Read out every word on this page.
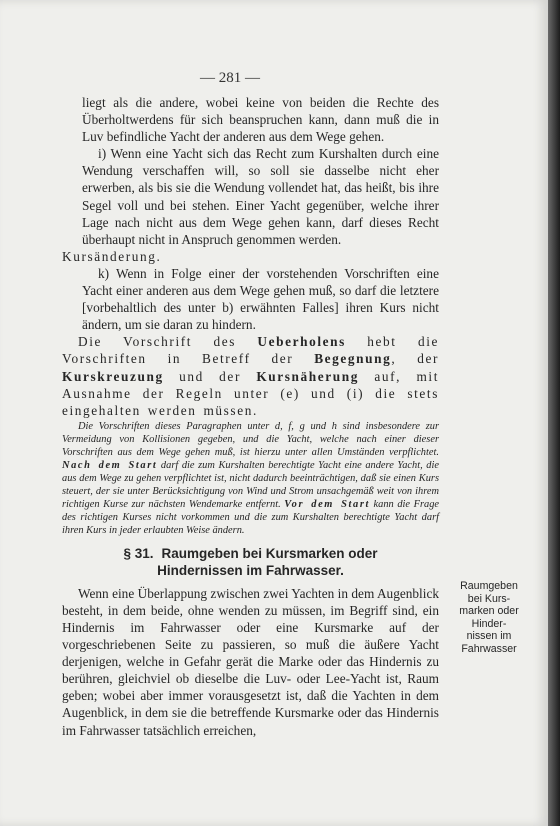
— 281 —

liegt als die andere, wobei keine von beiden die Rechte des Überholtwerdens für sich beanspruchen kann, dann muß die in Luv befindliche Yacht der anderen aus dem Wege gehen.

i) Wenn eine Yacht sich das Recht zum Kurshalten durch eine Wendung verschaffen will, so soll sie dasselbe nicht eher erwerben, als bis sie die Wendung vollendet hat, das heißt, bis ihre Segel voll und bei stehen. Einer Yacht gegenüber, welche ihrer Lage nach nicht aus dem Wege gehen kann, darf dieses Recht überhaupt nicht in Anspruch genommen werden.

Kursänderung.

k) Wenn in Folge einer der vorstehenden Vorschriften eine Yacht einer anderen aus dem Wege gehen muß, so darf die letztere [vorbehaltlich des unter b) erwähnten Falles] ihren Kurs nicht ändern, um sie daran zu hindern.

Die Vorschrift des Ueberholens hebt die Vorschriften in Betreff der Begegnung, der Kurskreuzung und der Kursnäherung auf, mit Ausnahme der Regeln unter (e) und (i) die stets eingehalten werden müssen.

Die Vorschriften dieses Paragraphen unter d, f, g und h sind insbesondere zur Vermeidung von Kollisionen gegeben, und die Yacht, welche nach einer dieser Vorschriften aus dem Wege gehen muß, ist hierzu unter allen Umständen verpflichtet. Nach dem Start darf die zum Kurshalten berechtigte Yacht eine andere Yacht, die aus dem Wege zu gehen verpflichtet ist, nicht dadurch beeinträchtigen, daß sie einen Kurs steuert, der sie unter Berücksichtigung von Wind und Strom unsachgemäß weit von ihrem richtigen Kurse zur nächsten Wendemarke entfernt. Vor dem Start kann die Frage des richtigen Kurses nicht vorkommen und die zum Kurshalten berechtigte Yacht darf ihren Kurs in jeder erlaubten Weise ändern.

§ 31. Raumgeben bei Kursmarken oder
Hindernissen im Fahrwasser.

Wenn eine Überlappung zwischen zwei Yachten in dem Augenblick besteht, in dem beide, ohne wenden zu müssen, im Begriff sind, ein Hindernis im Fahrwasser oder eine Kursmarke auf der vorgeschriebenen Seite zu passieren, so muß die äußere Yacht derjenigen, welche in Gefahr gerät die Marke oder das Hindernis zu berühren, gleichviel ob dieselbe die Luv- oder Lee-Yacht ist, Raum geben; wobei aber immer vorausgesetzt ist, daß die Yachten in dem Augenblick, in dem sie die betreffende Kursmarke oder das Hindernis im Fahrwasser tatsächlich erreichen,

Raumgeben
bei Kurs-
marken oder
Hinder-
nissen im
Fahrwasser
